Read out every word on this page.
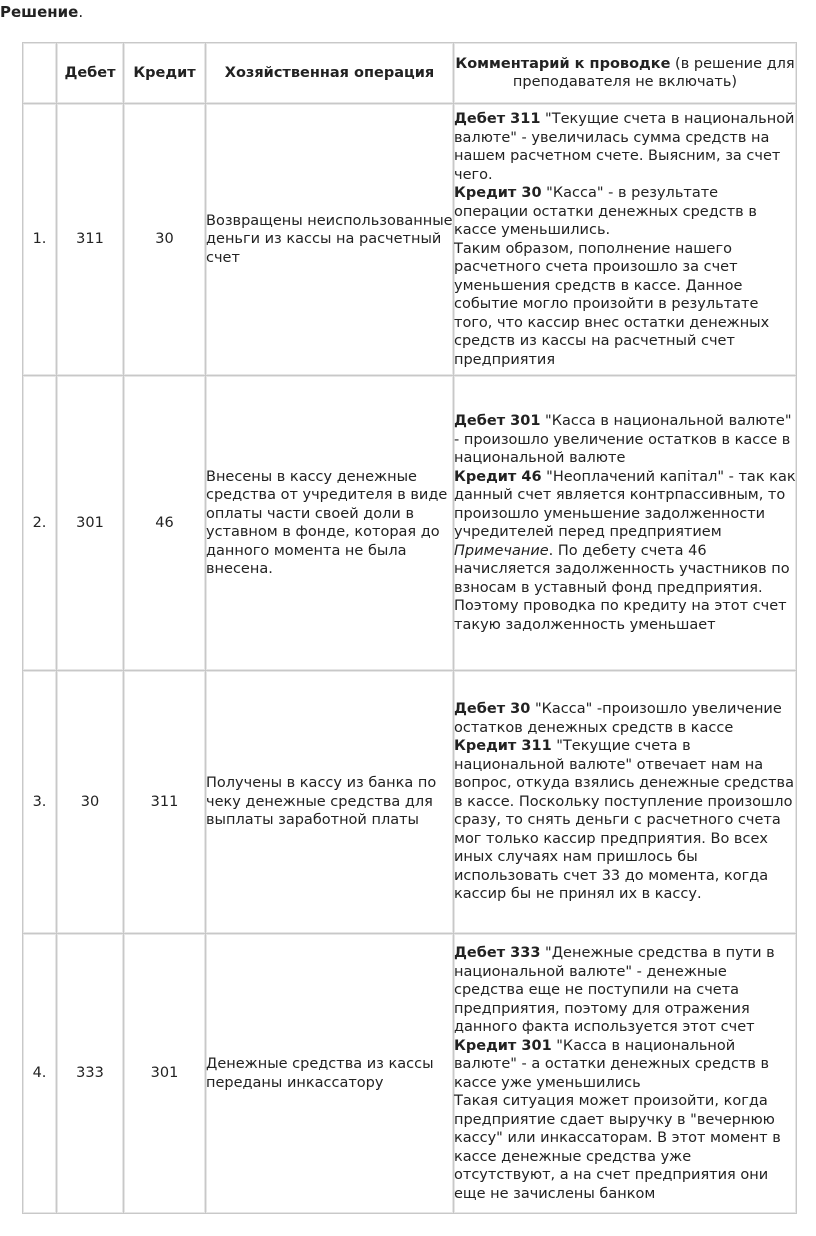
Решение.
	Дебет	Кредит	Хозяйственная операция	Комментарий к проводке (в решение для преподавателя не включать)
1.	311	30	Возвращены неиспользованные деньги из кассы на расчетный счет	Дебет 311 "Текущие счета в национальной валюте" - увеличилась сумма средств на нашем расчетном счете. Выясним, за счет чего.
Кредит 30 "Касса" - в результате операции остатки денежных средств в кассе уменьшились.
Таким образом, пополнение нашего расчетного счета произошло за счет уменьшения средств в кассе. Данное событие могло произойти в результате того, что кассир внес остатки денежных средств из кассы на расчетный счет предприятия

2.	301	46	Внесены в кассу денежные средства от учредителя в виде оплаты части своей доли в уставном в фонде, которая до данного момента не была внесена.	Дебет 301 "Касса в национальной валюте" - произошло увеличение остатков в кассе в национальной валюте
Кредит 46 "Неоплачений капітал" - так как данный счет является контрпассивным, то произошло уменьшение задолженности учредителей перед предприятием
Примечание. По дебету счета 46 начисляется задолженность участников по взносам в уставный фонд предприятия. Поэтому проводка по кредиту на этот счет такую задолженность уменьшает

3.	30	311	Получены в кассу из банка по чеку денежные средства для выплаты заработной платы	Дебет 30 "Касса" -произошло увеличение остатков денежных средств в кассе
Кредит 311 "Текущие счета в национальной валюте" отвечает нам на вопрос, откуда взялись денежные средства в кассе. Поскольку поступление произошло сразу, то снять деньги с расчетного счета мог только кассир предприятия. Во всех иных случаях нам пришлось бы использовать счет 33 до момента, когда кассир бы не принял их в кассу.

4.	333	301	Денежные средства из кассы переданы инкассатору	Дебет 333 "Денежные средства в пути в национальной валюте" - денежные средства еще не поступили на счета предприятия, поэтому для отражения данного факта используется этот счет
Кредит 301 "Касса в национальной валюте" - а остатки денежных средств в кассе уже уменьшились
Такая ситуация может произойти, когда предприятие сдает выручку в "вечернюю кассу" или инкассаторам. В этот момент в кассе денежные средства уже отсутствуют, а на счет предприятия они еще не зачислены банком
